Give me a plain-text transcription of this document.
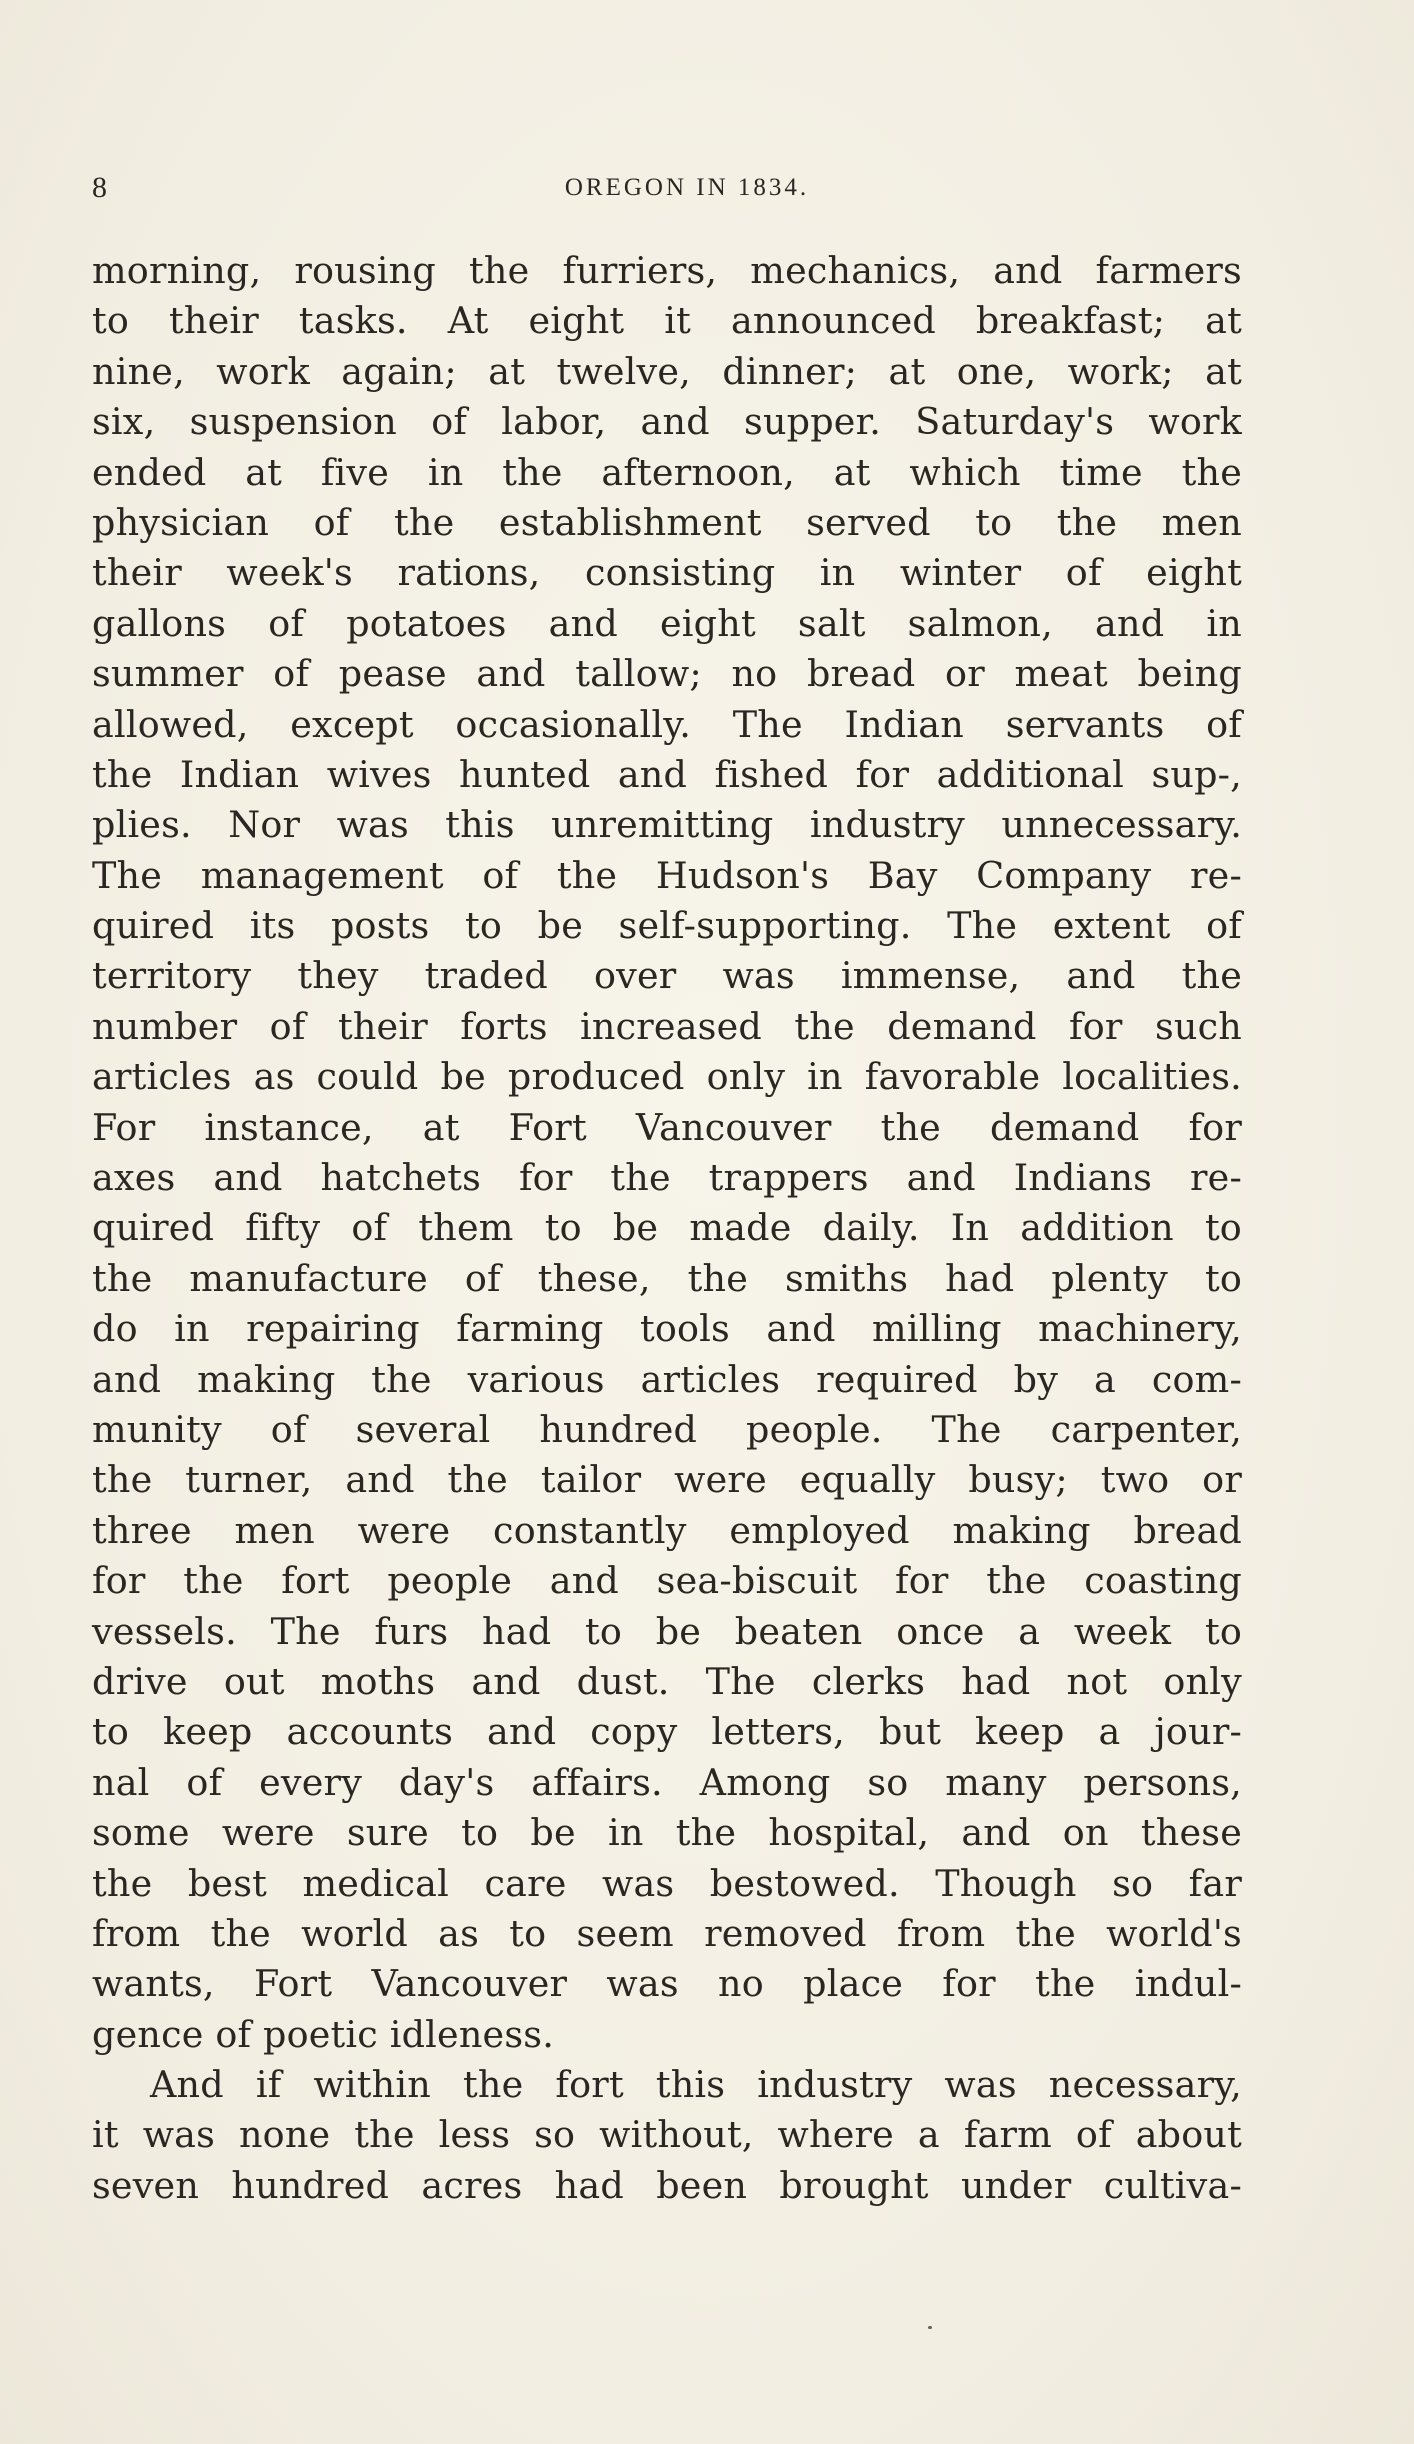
8	OREGON IN 1834.
morning, rousing the furriers, mechanics, and farmers
to their tasks. At eight it announced breakfast; at
nine, work again; at twelve, dinner; at one, work; at
six, suspension of labor, and supper. Saturday's work
ended at five in the afternoon, at which time the
physician of the establishment served to the men
their week's rations, consisting in winter of eight
gallons of potatoes and eight salt salmon, and in
summer of pease and tallow; no bread or meat being
allowed, except occasionally. The Indian servants of
the Indian wives hunted and fished for additional sup-,
plies. Nor was this unremitting industry unnecessary.
The management of the Hudson's Bay Company re-
quired its posts to be self-supporting. The extent of
territory they traded over was immense, and the
number of their forts increased the demand for such
articles as could be produced only in favorable localities.
For instance, at Fort Vancouver the demand for
axes and hatchets for the trappers and Indians re-
quired fifty of them to be made daily. In addition to
the manufacture of these, the smiths had plenty to
do in repairing farming tools and milling machinery,
and making the various articles required by a com-
munity of several hundred people. The carpenter,
the turner, and the tailor were equally busy; two or
three men were constantly employed making bread
for the fort people and sea-biscuit for the coasting
vessels. The furs had to be beaten once a week to
drive out moths and dust. The clerks had not only
to keep accounts and copy letters, but keep a jour-
nal of every day's affairs. Among so many persons,
some were sure to be in the hospital, and on these
the best medical care was bestowed. Though so far
from the world as to seem removed from the world's
wants, Fort Vancouver was no place for the indul-
gence of poetic idleness.
And if within the fort this industry was necessary,
it was none the less so without, where a farm of about
seven hundred acres had been brought under cultiva-
